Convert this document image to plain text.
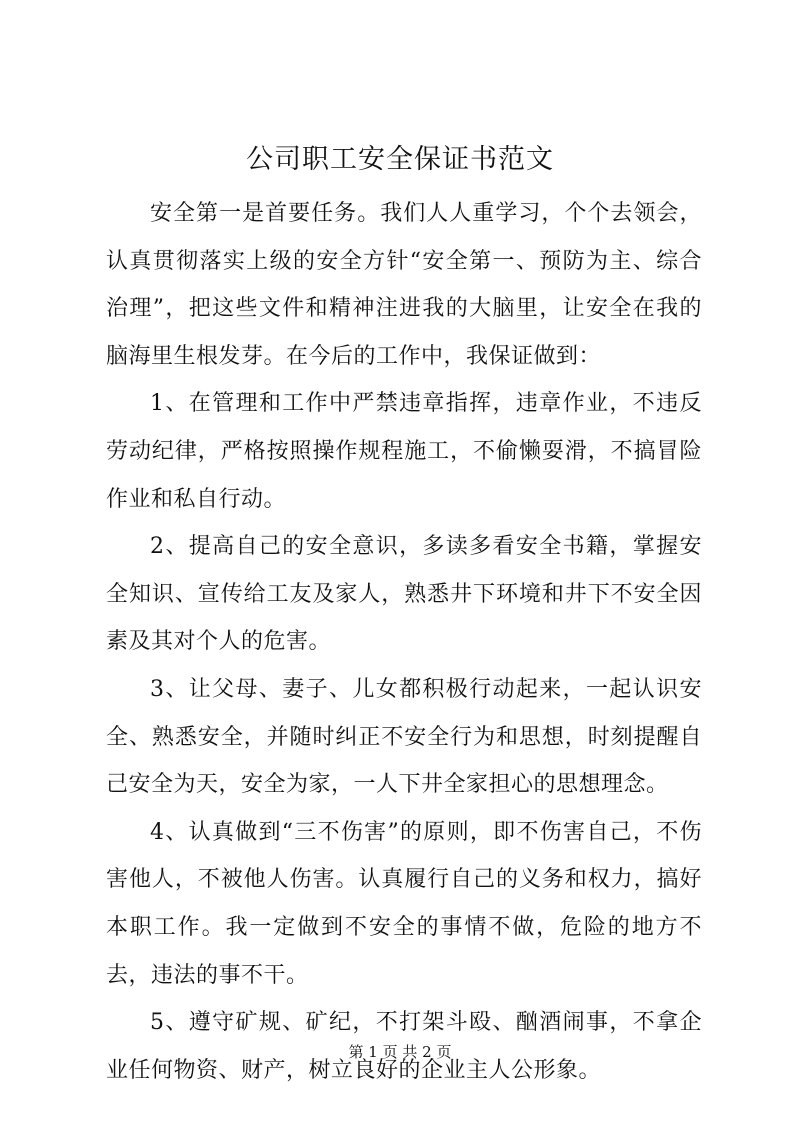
公司职工安全保证书范文

安全第一是首要任务。我们人人重学习，个个去领会，认真贯彻落实上级的安全方针“安全第一、预防为主、综合治理”，把这些文件和精神注进我的大脑里，让安全在我的脑海里生根发芽。在今后的工作中，我保证做到：

1、在管理和工作中严禁违章指挥，违章作业，不违反劳动纪律，严格按照操作规程施工，不偷懒耍滑，不搞冒险作业和私自行动。

2、提高自己的安全意识，多读多看安全书籍，掌握安全知识、宣传给工友及家人，熟悉井下环境和井下不安全因素及其对个人的危害。

3、让父母、妻子、儿女都积极行动起来，一起认识安全、熟悉安全，并随时纠正不安全行为和思想，时刻提醒自己安全为天，安全为家，一人下井全家担心的思想理念。

4、认真做到“三不伤害”的原则，即不伤害自己，不伤害他人，不被他人伤害。认真履行自己的义务和权力，搞好本职工作。我一定做到不安全的事情不做，危险的地方不去，违法的事不干。

5、遵守矿规、矿纪，不打架斗殴、酗酒闹事，不拿企业任何物资、财产，树立良好的企业主人公形象。

第 1 页 共 2 页
